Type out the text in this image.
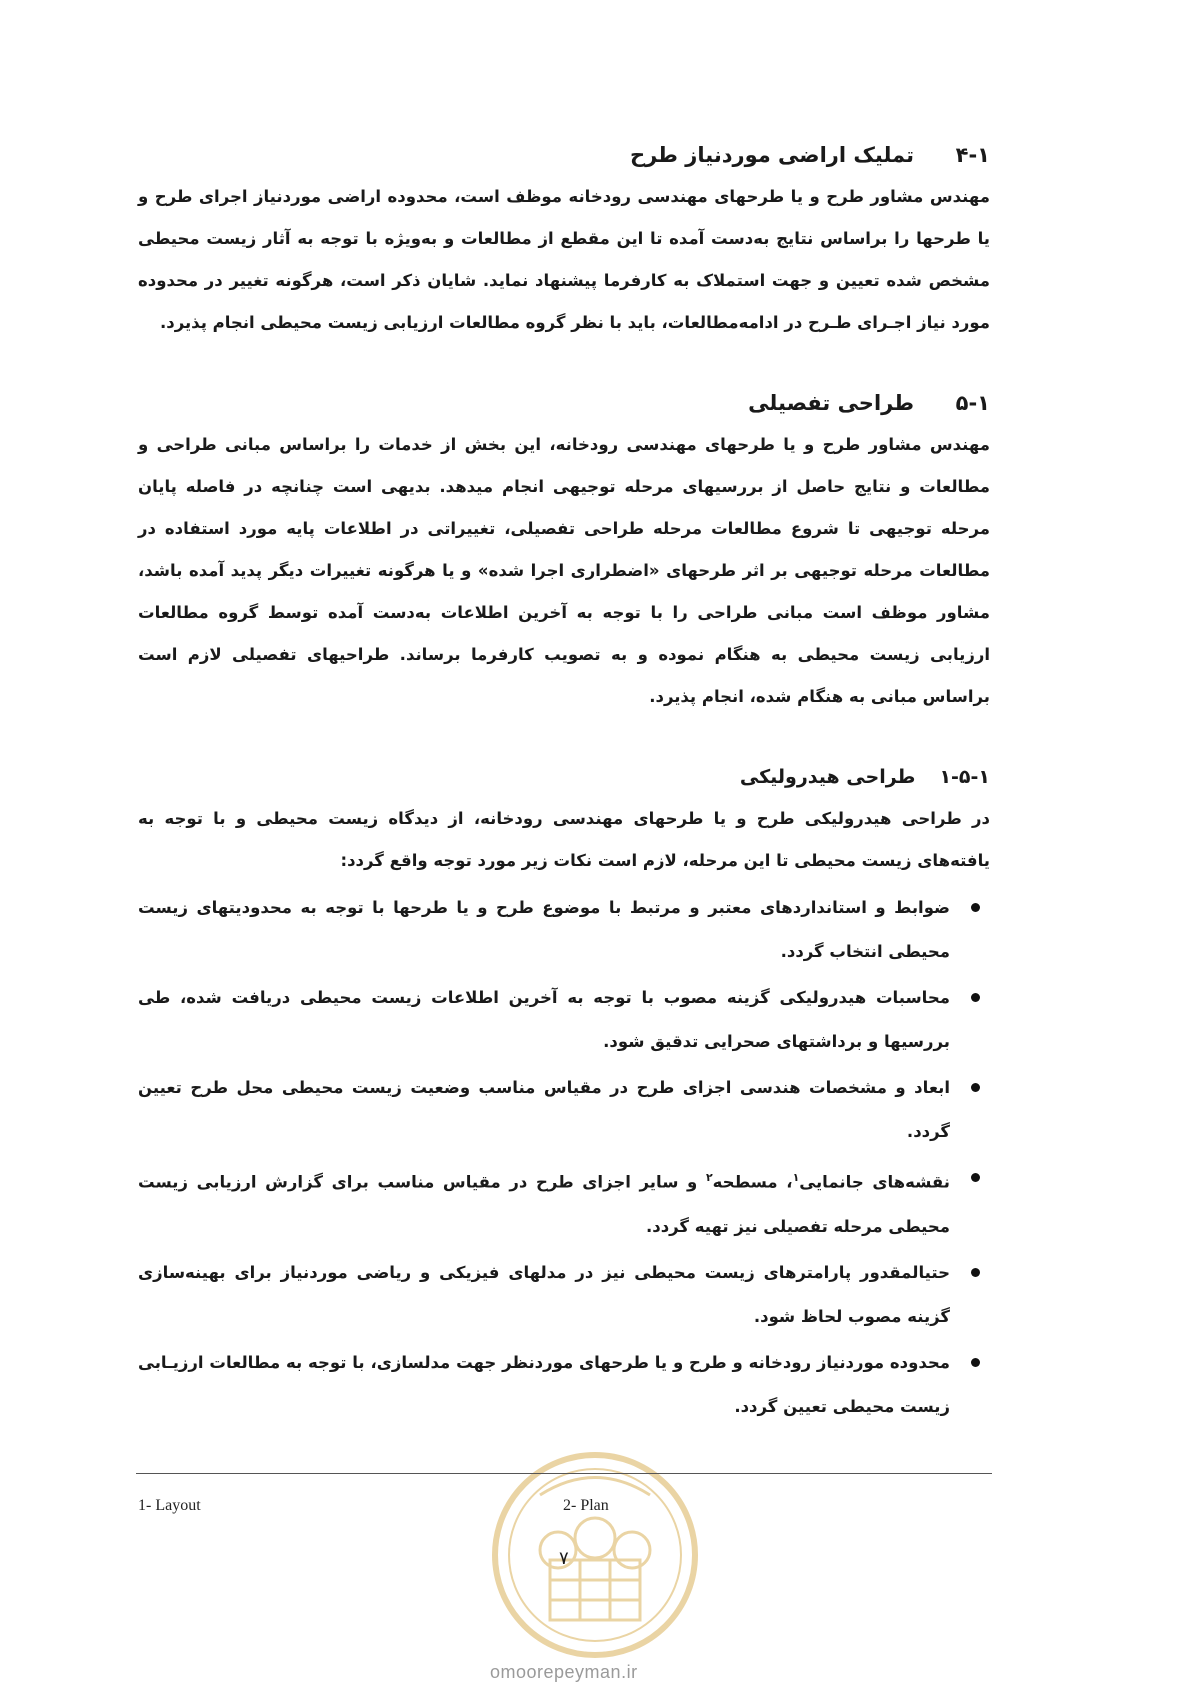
۴-۱
تملیک اراضی موردنیاز طرح

مهندس مشاور طرح و یا طرحهای مهندسی رودخانه موظف است، محدوده اراضی موردنیاز اجرای طرح و یا طرحها را براساس نتایج بەدست آمده تا این مقطع از مطالعات و بەویژه با توجه به آثار زیست محیطی مشخص شده تعیین و جهت استملاک به کارفرما پیشنهاد نماید. شایان ذکر است، هرگونه تغییر در محدوده مورد نیاز اجـرای طـرح در ادامەمطالعات، باید با نظر گروه مطالعات ارزیابی زیست محیطی انجام پذیرد.

۵-۱
طراحی تفصیلی

مهندس مشاور طرح و یا طرحهای مهندسی رودخانه، این بخش از خدمات را براساس مبانی طراحی و مطالعات و نتایج حاصل از بررسیهای مرحله توجیهی انجام میدهد. بدیهی است چنانچه در فاصله پایان مرحله توجیهی تا شروع مطالعات مرحله طراحی تفصیلی، تغییراتی در اطلاعات پایه مورد استفاده در مطالعات مرحله توجیهی بر اثر طرحهای «اضطراری اجرا شده» و یا هرگونه تغییرات دیگر پدید آمده باشد، مشاور موظف است مبانی طراحی را با توجه به آخرین اطلاعات بەدست آمده توسط گروه مطالعات ارزیابی زیست محیطی به هنگام نموده و به تصویب کارفرما برساند. طراحیهای تفصیلی لازم است براساس مبانی به هنگام شده، انجام پذیرد.

۱-۵-۱
طراحی هیدرولیکی

در طراحی هیدرولیکی طرح و یا طرحهای مهندسی رودخانه، از دیدگاه زیست محیطی و با توجه به یافتەهای زیست محیطی تا این مرحله، لازم است نکات زیر مورد توجه واقع گردد:

ضوابط و استانداردهای معتبر و مرتبط با موضوع طرح و یا طرحها با توجه به محدودیتهای زیست محیطی انتخاب گردد.
محاسبات هیدرولیکی گزینه مصوب با توجه به آخرین اطلاعات زیست محیطی دریافت شده، طی بررسیها و برداشتهای صحرایی تدقیق شود.
ابعاد و مشخصات هندسی اجزای طرح در مقیاس مناسب وضعیت زیست محیطی محل طرح تعیین گردد.
نقشەهای جانمایی$^۱$، مسطحه$^۲$ و سایر اجزای طرح در مقیاس مناسب برای گزارش ارزیابی زیست محیطی مرحله تفصیلی نیز تهیه گردد.
حتیالمقدور پارامترهای زیست محیطی نیز در مدلهای فیزیکی و ریاضی موردنیاز برای بهینەسازی گزینه مصوب لحاظ شود.
محدوده موردنیاز رودخانه و طرح و یا طرحهای موردنظر جهت مدلسازی، با توجه به مطالعات ارزیـابی زیست محیطی تعیین گردد.
1- Layout	2- Plan
۷
omoorepeyman.ir
